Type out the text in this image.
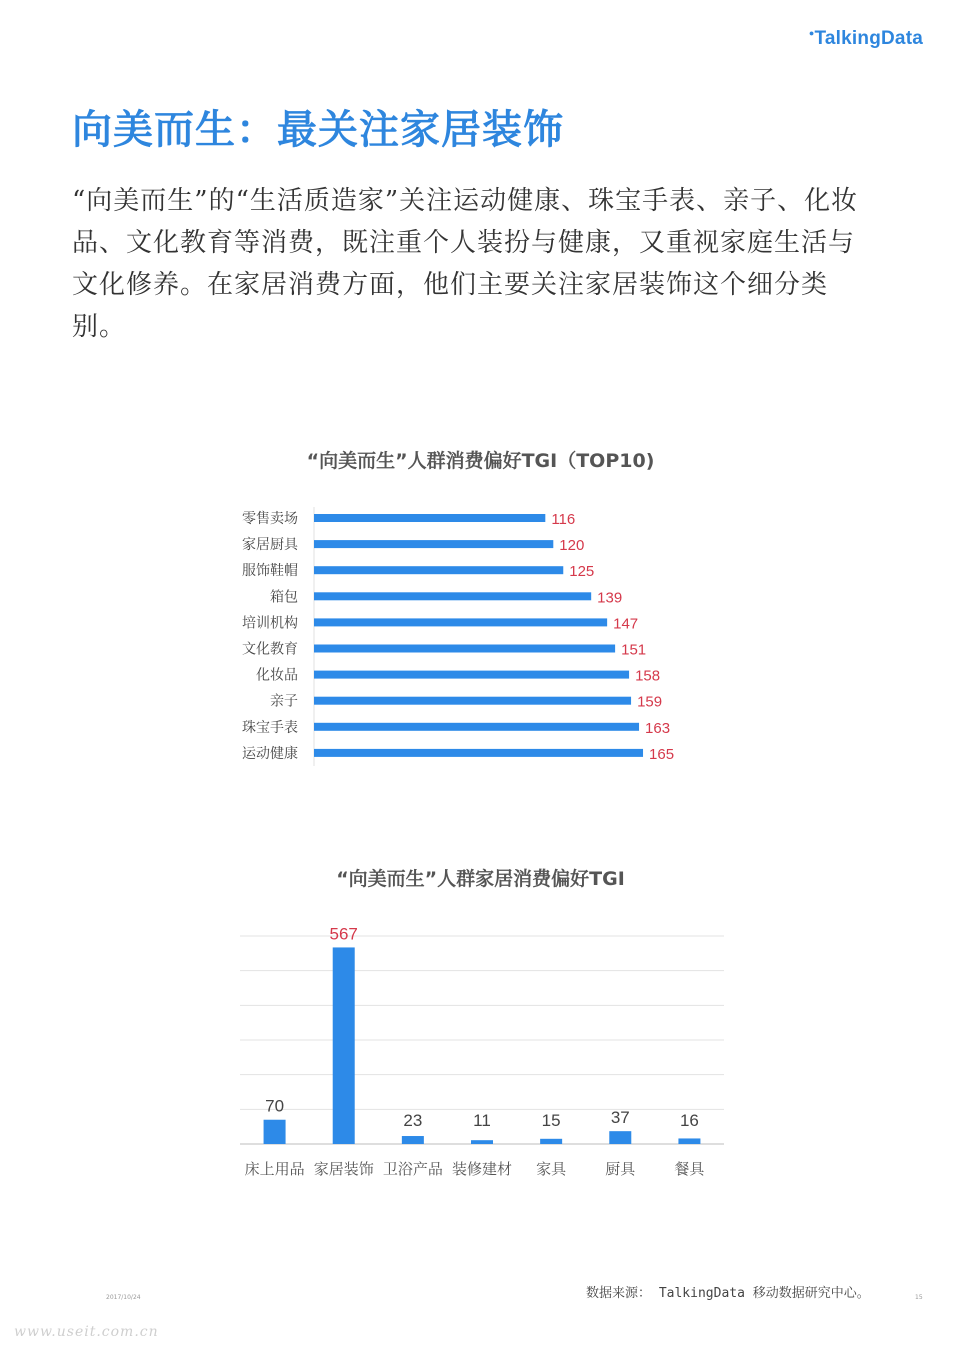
●TalkingData
向美而生：最关注家居装饰
“向美而生”的“生活质造家”关注运动健康、珠宝手表、亲子、化妆品、文化教育等消费，既注重个人装扮与健康，又重视家庭生活与文化修养。在家居消费方面，他们主要关注家居装饰这个细分类别。
“向美而生”人群消费偏好TGI（TOP10)
零售卖场	116
家居厨具	120
服饰鞋帽	125
箱包	139
培训机构	147
文化教育	151
化妆品	158
亲子	159
珠宝手表	163
运动健康	165
“向美而生”人群家居消费偏好TGI
70
床上用品
567
家居装饰
23
卫浴产品
11
装修建材
15
家具
37
厨具
16
餐具
数据来源： TalkingData 移动数据研究中心。
2017/10/24	15
www.useit.com.cn
